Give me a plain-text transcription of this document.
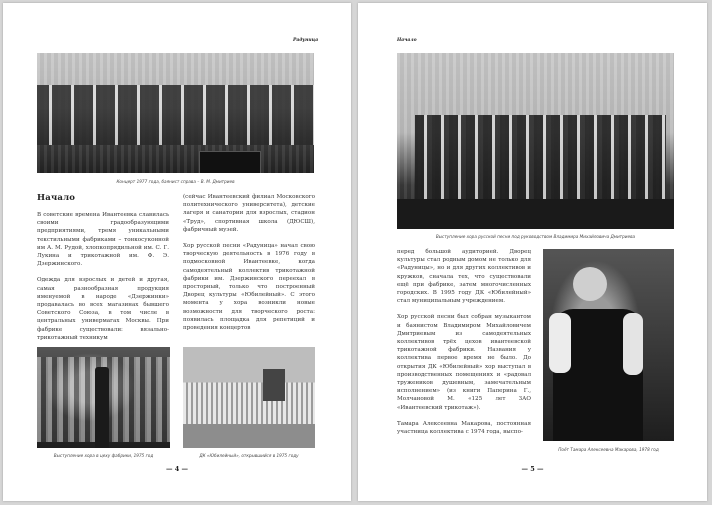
Радуница
Концерт 1977 года, баянист справа – В. М. Дмитриев
Начало

В советские времена Ивантеевка славилась своими градообразующими предприятиями, тремя уникальными текстильными фабриками – тонкосуконной им А. М. Рудой, хлопкопрядильной им. С. Г. Лукина и трикотажной им. Ф. Э. Дзержинского.

Одежда для взрослых и детей и другая, самая разнообразная продукция именуемой в народе «Дзержинки» продавалась во всех магазинах бывшего Советского Союза, в том числе в центральных универмагах Москвы. При фабрике существовали: вязально-трикотажный техникум

(сейчас Ивантеевский филиал Московского политехнического университета), детские лагеря и санатории для взрослых, стадион «Труд», спортивная школа (ДЮСШ), фабричный музей.

Хор русской песни «Радуница» начал свою творческую деятельность в 1976 году в подмосковной Ивантеевке, когда самодеятельный коллектив трикотажной фабрики им. Дзержинского переехал в просторный, только что построенный Дворец культуры «Юбилейный». С этого момента у хора возникли новые возможности для творческого роста: появилась площадка для репетиций и проведения концертов

Выступление хора в цеху фабрики, 1975 год	ДК «Юбилейный», открывшийся в 1975 году
— 4 —
Начало
Выступление хора русской песни под руководством Владимира Михайловича Дмитриева

перед большой аудиторией. Дворец культуры стал родным домом не только для «Радуницы», но и для других коллективов и кружков, сначала тех, что существовали ещё при фабрике, затем многочисленных городских. В 1995 году ДК «Юбилейный» стал муниципальным учреждением.

Хор русской песни был собран музыкантом и баянистом Владимиром Михайловичем Дмитриевым из самодеятельных коллективов трёх цехов ивантеевской трикотажной фабрики. Названия у коллектива первое время не было. До открытия ДК «Юбилейный» хор выступал в производственных помещениях и «радовал тружеников душевным, замечательным исполнением» (из книги Паперина Г., Молчановой М. «125 лет ЗАО «Ивантеевский трикотаж»).

Тамара Алексеевна Макарова, постоянная участница коллектива с 1974 года, выcпо-

Поёт Тамара Алексеевна Макарова, 1978 год
— 5 —
